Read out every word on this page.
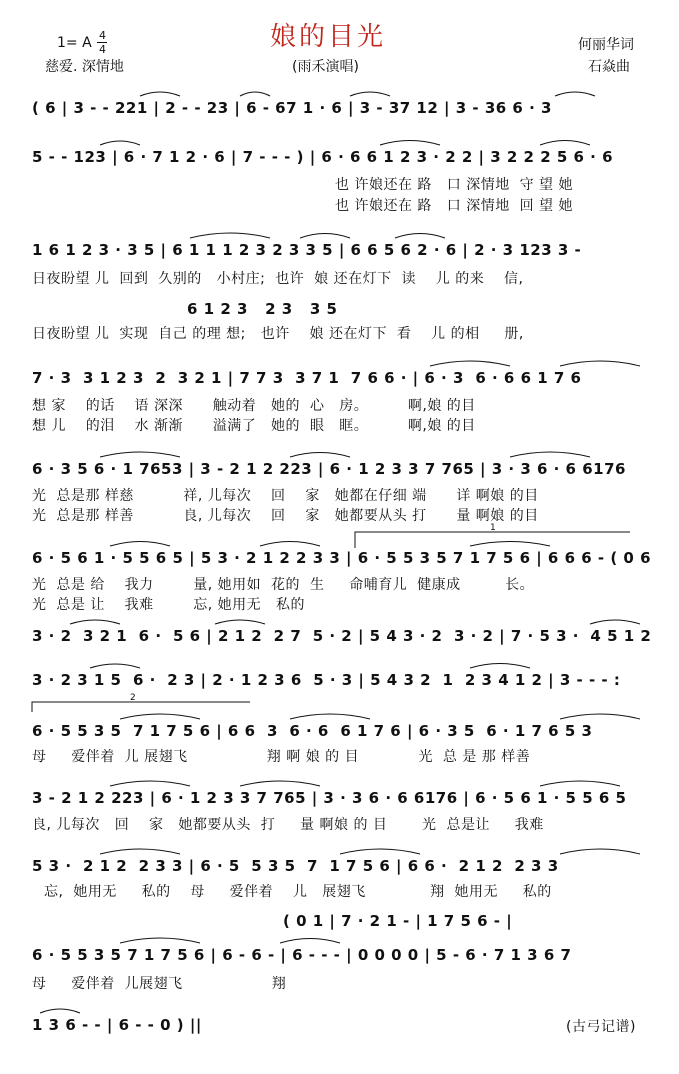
1= A 4
4	娘的目光	何丽华词
慈爱. 深情地	(雨禾演唱)	石焱曲
( 6 | 3 - - 221 | 2 - - 23 | 6 - 67 1 · 6 | 3 - 37 12 | 3 - 36 6 · 3
5 - - 123 | 6 · 7 1 2 · 6 | 7 - - - ) | 6 · 6 6 1 2 3 · 2 2 | 3 2 2 2 5 6 · 6
也 许娘还在 路   口 深情地  守 望 她
也 许娘还在 路   口 深情地  回 望 她
1 6 1 2 3 · 3 5 | 6 1 1 1 2 3 2 3 3 5 | 6 6 5 6 2 · 6 | 2 · 3 123 3 -
日夜盼望 儿  回到  久别的   小村庄;  也许  娘 还在灯下  读    儿 的来    信,
6 1 2 3   2 3   3 5
日夜盼望 儿  实现  自己 的理 想;   也许    娘 还在灯下  看    儿 的相     册,
7 · 3  3 1 2 3  2  3 2 1 | 7 7 3  3 7 1  7 6 6 · | 6 · 3  6 · 6 6 1 7 6
想 家    的话    语 深深      触动着   她的  心   房。        啊,娘 的目
想 儿    的泪    水 渐渐      溢满了   她的  眼   眶。        啊,娘 的目
6 · 3 5 6 · 1 7653 | 3 - 2 1 2 223 | 6 · 1 2 3 3 7 765 | 3 · 3 6 · 6 6176
光  总是那 样慈          祥, 儿每次    回    家   她都在仔细 端      详 啊娘 的目
光  总是那 样善          良, 儿每次    回    家   她都要从头 打      量 啊娘 的目
6 · 5 6 1 · 5 5 6 5 | 5 3 · 2 1 2 2 3 3 | 6 · 5 5 3 5 7 1 7 5 6 | 6 6 6 - ( 0 6
光  总是 给    我力        量, 她用如  花的  生     命哺育儿  健康成         长。
光  总是 让    我难        忘, 她用无   私的
3 · 2  3 2 1  6 ·  5 6 | 2 1 2  2 7  5 · 2 | 5 4 3 · 2  3 · 2 | 7 · 5 3 ·  4 5 1 2
3 · 2 3 1 5  6 ·  2 3 | 2 · 1 2 3 6  5 · 3 | 5 4 3 2  1  2 3 4 1 2 | 3 - - - :
6 · 5 5 3 5  7 1 7 5 6 | 6 6  3  6 · 6  6 1 7 6 | 6 · 3 5  6 · 1 7 6 5 3
母     爱伴着  儿 展翅飞                翔 啊 娘 的 目            光  总 是 那 样善
3 - 2 1 2 223 | 6 · 1 2 3 3 7 765 | 3 · 3 6 · 6 6176 | 6 · 5 6 1 · 5 5 6 5
良, 儿每次   回    家   她都要从头  打     量 啊娘 的 目       光  总是让     我难
5 3 ·  2 1 2  2 3 3 | 6 · 5  5 3 5  7  1 7 5 6 | 6 6 ·  2 1 2  2 3 3
忘,  她用无     私的    母     爱伴着    儿   展翅飞             翔  她用无     私的
( 0 1 | 7 · 2 1 - | 1 7 5 6 - |
6 · 5 5 3 5 7 1 7 5 6 | 6 - 6 - | 6 - - - | 0 0 0 0 | 5 - 6 · 7 1 3 6 7
母     爱伴着  儿展翅飞                  翔
1 3 6 - - | 6 - - 0 ) ||	(古弓记谱)
1
2
